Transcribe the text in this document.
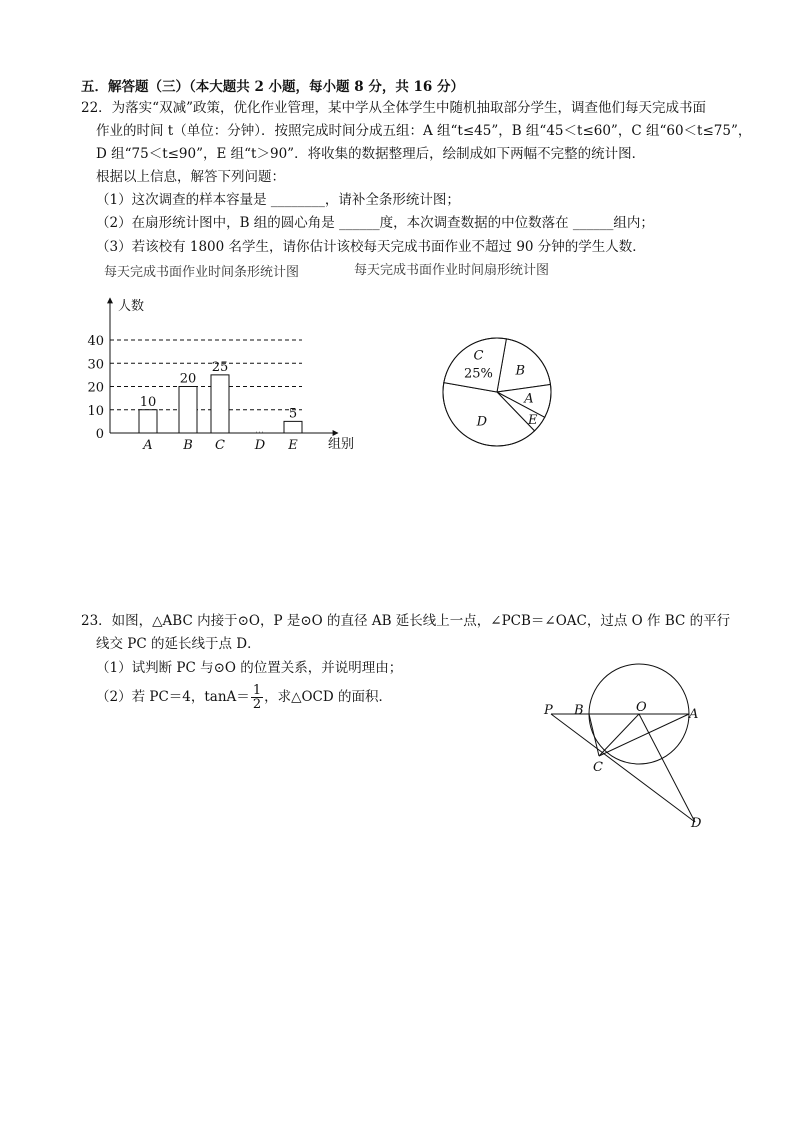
五．解答题（三）（本大题共 2 小题，每小题 8 分，共 16 分）
22．为落实“双减”政策，优化作业管理，某中学从全体学生中随机抽取部分学生，调查他们每天完成书面
作业的时间 t（单位：分钟）．按照完成时间分成五组：A 组“t≤45”，B 组“45＜t≤60”，C 组“60＜t≤75”，
D 组“75＜t≤90”，E 组“t＞90”．将收集的数据整理后，绘制成如下两幅不完整的统计图．
根据以上信息，解答下列问题：
（1）这次调查的样本容量是 ________，请补全条形统计图；
（2）在扇形统计图中，B 组的圆心角是 ______度，本次调查数据的中位数落在 ______组内；
（3）若该校有 1800 名学生，请你估计该校每天完成书面作业不超过 90 分钟的学生人数．
每天完成书面作业时间条形统计图	每天完成书面作业时间扇形统计图
0
10
20
30
40
10
20
25
5
A B C D E
人数
组别
B
A
E
D
C
25%
23．如图，△ABC 内接于⊙O，P 是⊙O 的直径 AB 延长线上一点，∠PCB＝∠OAC，过点 O 作 BC 的平行
线交 PC 的延长线于点 D．
（1）试判断 PC 与⊙O 的位置关系，并说明理由；
（2）若 PC＝4，$\tan A= \frac{1}{2}$ ，求△OCD 的面积．
P B	O	A
C
D
